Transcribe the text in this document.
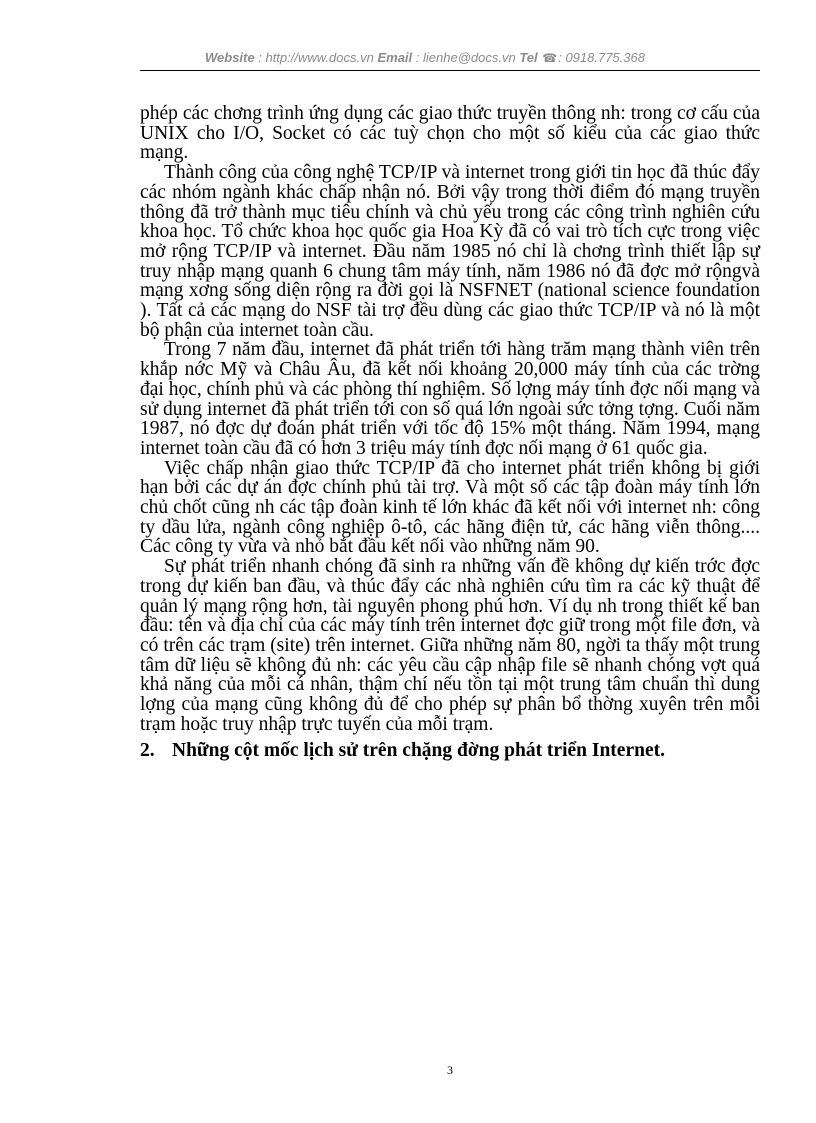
Website : http://www.docs.vn Email : lienhe@docs.vn Tel ☎: 0918.775.368

phép các chơng trình ứng dụng các giao thức truyền thông nh: trong cơ cấu của UNIX cho I/O, Socket có các tuỳ chọn cho một số kiểu của các giao thức mạng.

Thành công của công nghệ TCP/IP và internet trong giới tin học đã thúc đẩy các nhóm ngành khác chấp nhận nó. Bởi vậy trong thời điểm đó mạng truyền thông đã trở thành mục tiêu chính và chủ yếu trong các công trình nghiên cứu khoa học. Tổ chức khoa học quốc gia Hoa Kỳ đã có vai trò tích cực trong việc mở rộng TCP/IP và internet. Đầu năm 1985 nó chỉ là chơng trình thiết lập sự truy nhập mạng quanh 6 chung tâm máy tính, năm 1986 nó đã đợc mở rộngvà mạng xơng sống diện rộng ra đời gọi là NSFNET (national science foundation ). Tất cả các mạng do NSF tài trợ đều dùng các giao thức TCP/IP và nó là một bộ phận của internet toàn cầu.

Trong 7 năm đầu, internet đã phát triển tới hàng trăm mạng thành viên trên khắp nớc Mỹ và Châu Âu, đã kết nối khoảng 20,000 máy tính của các trờng đại học, chính phủ và các phòng thí nghiệm. Số lợng máy tính đợc nối mạng và sử dụng internet đã phát triển tới con số quá lớn ngoài sức tởng tợng. Cuối năm 1987, nó đợc dự đoán phát triển với tốc độ 15% một tháng. Năm 1994, mạng internet toàn cầu đã có hơn 3 triệu máy tính đợc nối mạng ở 61 quốc gia.

Việc chấp nhận giao thức TCP/IP đã cho internet phát triển không bị giới hạn bởi các dự án đợc chính phủ tài trợ. Và một số các tập đoàn máy tính lớn chủ chốt cũng nh các tập đoàn kinh tế lớn khác đã kết nối với internet nh: công ty dầu lửa, ngành công nghiệp ô-tô, các hãng điện tử, các hãng viễn thông.... Các công ty vừa và nhỏ bắt đầu kết nối vào những năm 90.

Sự phát triển nhanh chóng đã sinh ra những vấn đề không dự kiến trớc đợc trong dự kiến ban đầu, và thúc đẩy các nhà nghiên cứu tìm ra các kỹ thuật để quản lý mạng rộng hơn, tài nguyên phong phú hơn. Ví dụ nh trong thiết kế ban đầu: tên và địa chỉ của các máy tính trên internet đợc giữ trong một file đơn, và có trên các trạm (site) trên internet. Giữa những năm 80, ngời ta thấy một trung tâm dữ liệu sẽ không đủ nh: các yêu cầu cập nhập file sẽ nhanh chóng vợt quá khả năng của mỗi cá nhân, thậm chí nếu tồn tại một trung tâm chuẩn thì dung lợng của mạng cũng không đủ để cho phép sự phân bổ thờng xuyên trên mỗi trạm hoặc truy nhập trực tuyến của mỗi trạm.

2. Những cột mốc lịch sử trên chặng đờng phát triển Internet.
3
